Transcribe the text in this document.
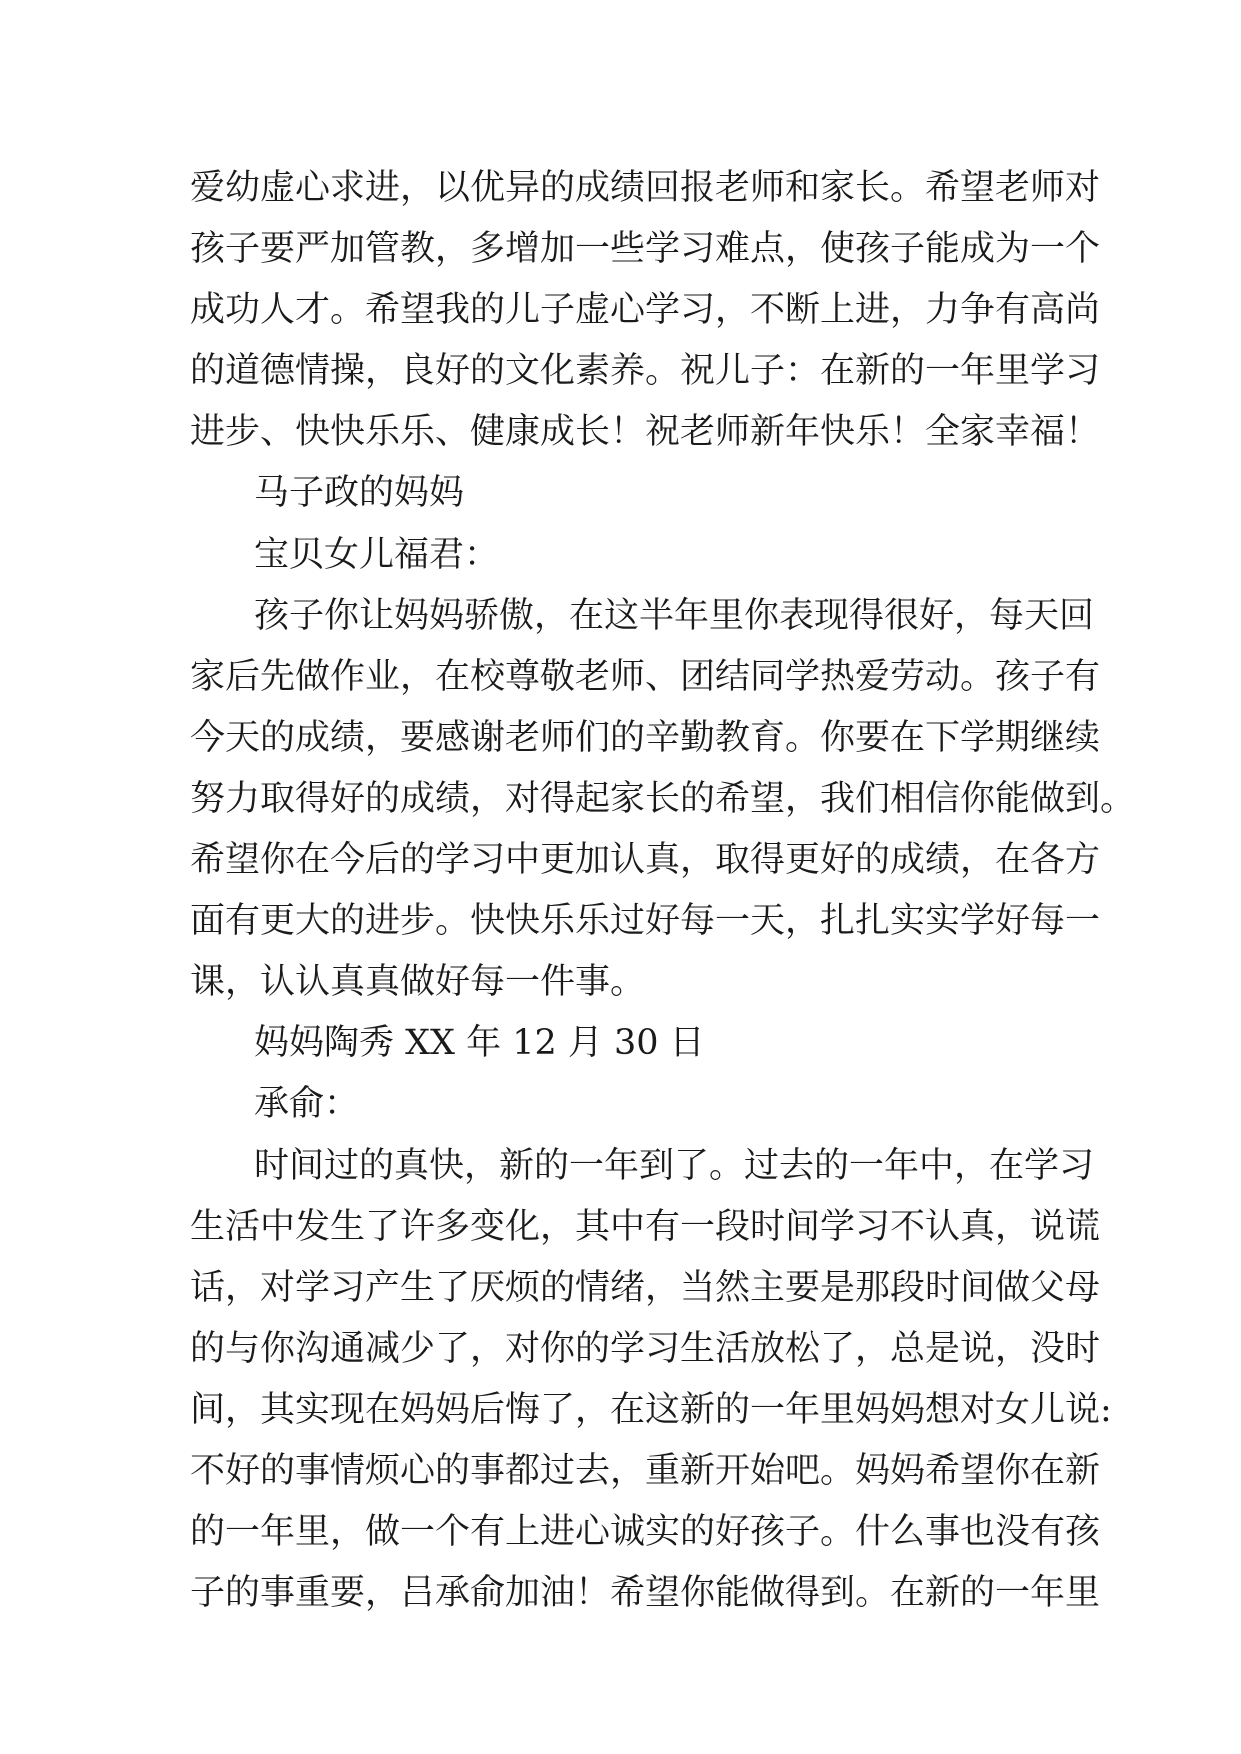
爱幼虚心求进，以优异的成绩回报老师和家长。希望老师对
孩子要严加管教，多增加一些学习难点，使孩子能成为一个
成功人才。希望我的儿子虚心学习，不断上进，力争有高尚
的道德情操，良好的文化素养。祝儿子：在新的一年里学习
进步、快快乐乐、健康成长！祝老师新年快乐！全家幸福！
马子政的妈妈
宝贝女儿福君：
孩子你让妈妈骄傲，在这半年里你表现得很好，每天回
家后先做作业，在校尊敬老师、团结同学热爱劳动。孩子有
今天的成绩，要感谢老师们的辛勤教育。你要在下学期继续
努力取得好的成绩，对得起家长的希望，我们相信你能做到。
希望你在今后的学习中更加认真，取得更好的成绩，在各方
面有更大的进步。快快乐乐过好每一天，扎扎实实学好每一
课，认认真真做好每一件事。
妈妈陶秀 XX 年 12 月 30 日
承俞：
时间过的真快，新的一年到了。过去的一年中，在学习
生活中发生了许多变化，其中有一段时间学习不认真，说谎
话，对学习产生了厌烦的情绪，当然主要是那段时间做父母
的与你沟通减少了，对你的学习生活放松了，总是说，没时
间，其实现在妈妈后悔了，在这新的一年里妈妈想对女儿说:
不好的事情烦心的事都过去，重新开始吧。妈妈希望你在新
的一年里，做一个有上进心诚实的好孩子。什么事也没有孩
子的事重要，吕承俞加油！希望你能做得到。在新的一年里
